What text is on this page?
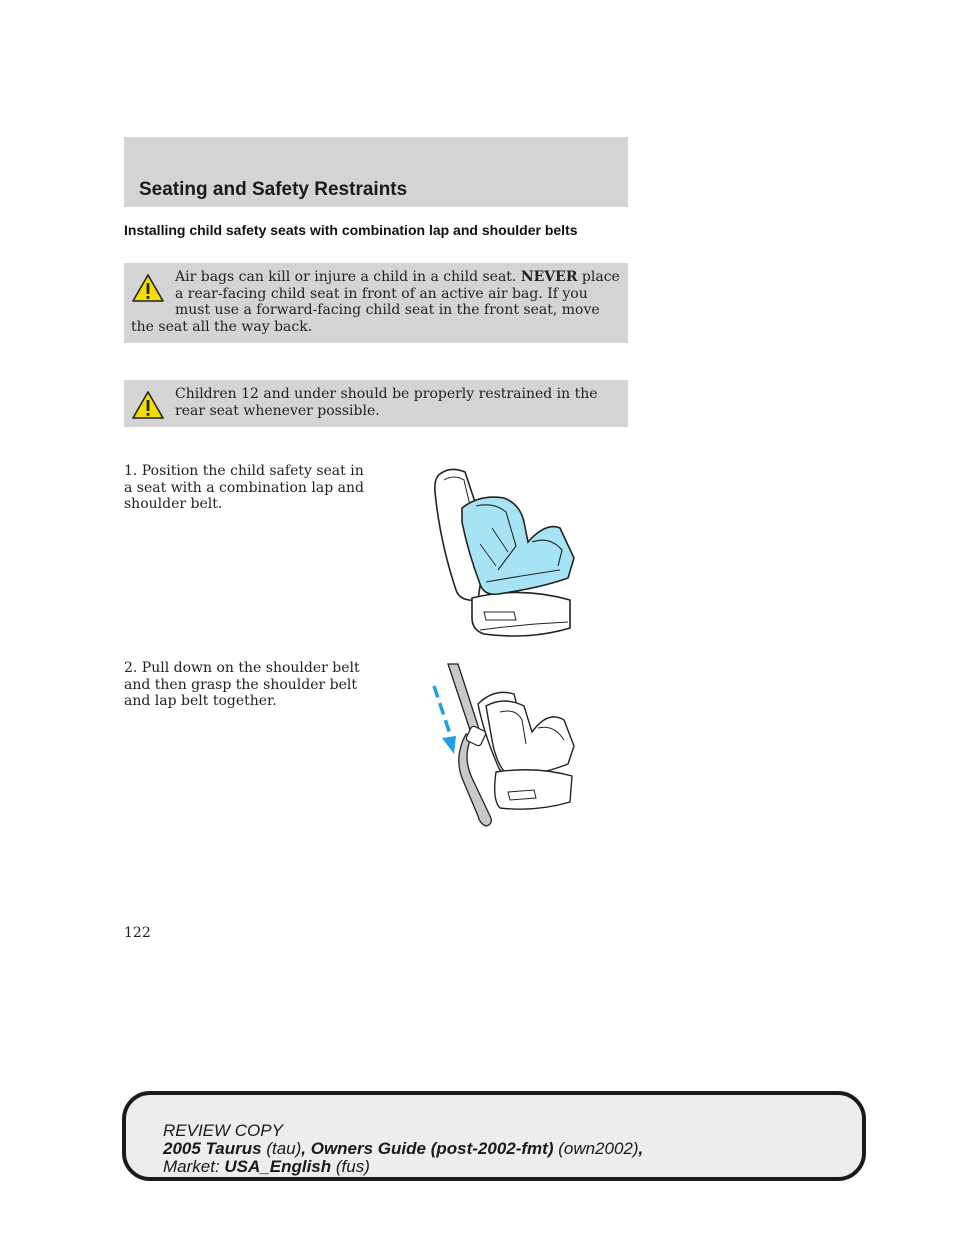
Seating and Safety Restraints
Installing child safety seats with combination lap and shoulder belts
Air bags can kill or injure a child in a child seat. NEVER place a rear-facing child seat in front of an active air bag. If you must use a forward-facing child seat in the front seat, move the seat all the way back.
Children 12 and under should be properly restrained in the rear seat whenever possible.
1. Position the child safety seat in a seat with a combination lap and shoulder belt.
2. Pull down on the shoulder belt and then grasp the shoulder belt and lap belt together.
122
REVIEW COPY
2005 Taurus (tau), Owners Guide (post-2002-fmt) (own2002),
Market: USA_English (fus)
